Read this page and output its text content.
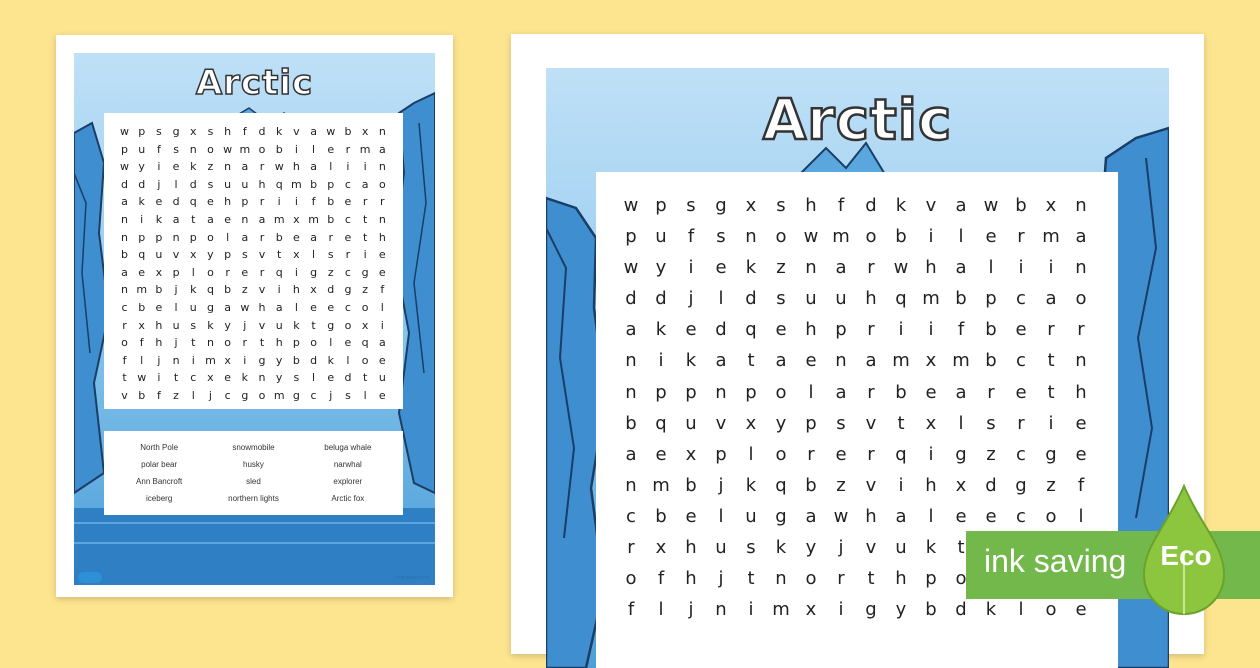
Arctic
w p s g x	s h	f	d k v a w b x n
p u	f	s n o w m o b	i	l	e	r m a
w y	i	e k	z n a	r w h a	l	i	i	n
d d	j	l	d s u u h q m b p c a o
a k e d q e h p	r	i	i	f	b e	r	r
n	i	k a	t	a e n a m x m b c	t	n
n p p n p o	l	a	r	b e a	r	e	t	h
b q u v x y p s	v	t	x	l	s	r	i	e
a e x p	l	o	r	e	r	q	i	g z	c g e
n m b	j	k q b z	v	i	h x d g z	f
c b e	l	u g a w h a	l	e e c o	l
r	x h u s	k y	j	v u k	t	g o x	i
o	f	h	j	t	n o	r	t	h p o	l	e q a
f	l	j	n	i m x	i	g y b d k	l	o e
t w	i	t	c x e k n y	s	l	e d	t	u
v b	f	z	l	j	c g o m g c	j	s	l	e
North Pole	snowmobile	beluga whale
polar bear	husky	narwhal
Ann Bancroft	sled	explorer
iceberg	northern lights	Arctic fox
visit twinkl.com
Arctic
w p	s	g	x	s	h	f	d	k	v	a w b	x	n
p	u	f	s	n	o w m o	b	i	l	e	r m a
w y	i	e	k	z	n	a	r	w h	a	l	i	i	n
d	d	j	l	d	s	u	u	h	q m b	p	c	a	o
a	k	e	d	q	e	h	p	r	i	i	f	b	e	r	r
n	i	k	a	t	a	e	n	a m x m b	c	t	n
n	p	p	n	p	o	l	a	r	b	e	a	r	e	t	h
b	q	u	v	x	y	p	s	v	t	x	l	s	r	i	e
a	e	x	p	l	o	r	e	r	q	i	g	z	c	g	e
n m b	j	k	q	b	z	v	i	h	x	d	g	z	f
c	b	e	l	u	g	a w h	a	l	e	e	c	o	l
r	x	h	u	s	k	y	j	v	u	k	t
o	f	h	j	t	n	o	r	t	h	p	o
f	l	j	n	i	m x	i	g	y	b	d	k	l	o	e
ink saving	Eco
